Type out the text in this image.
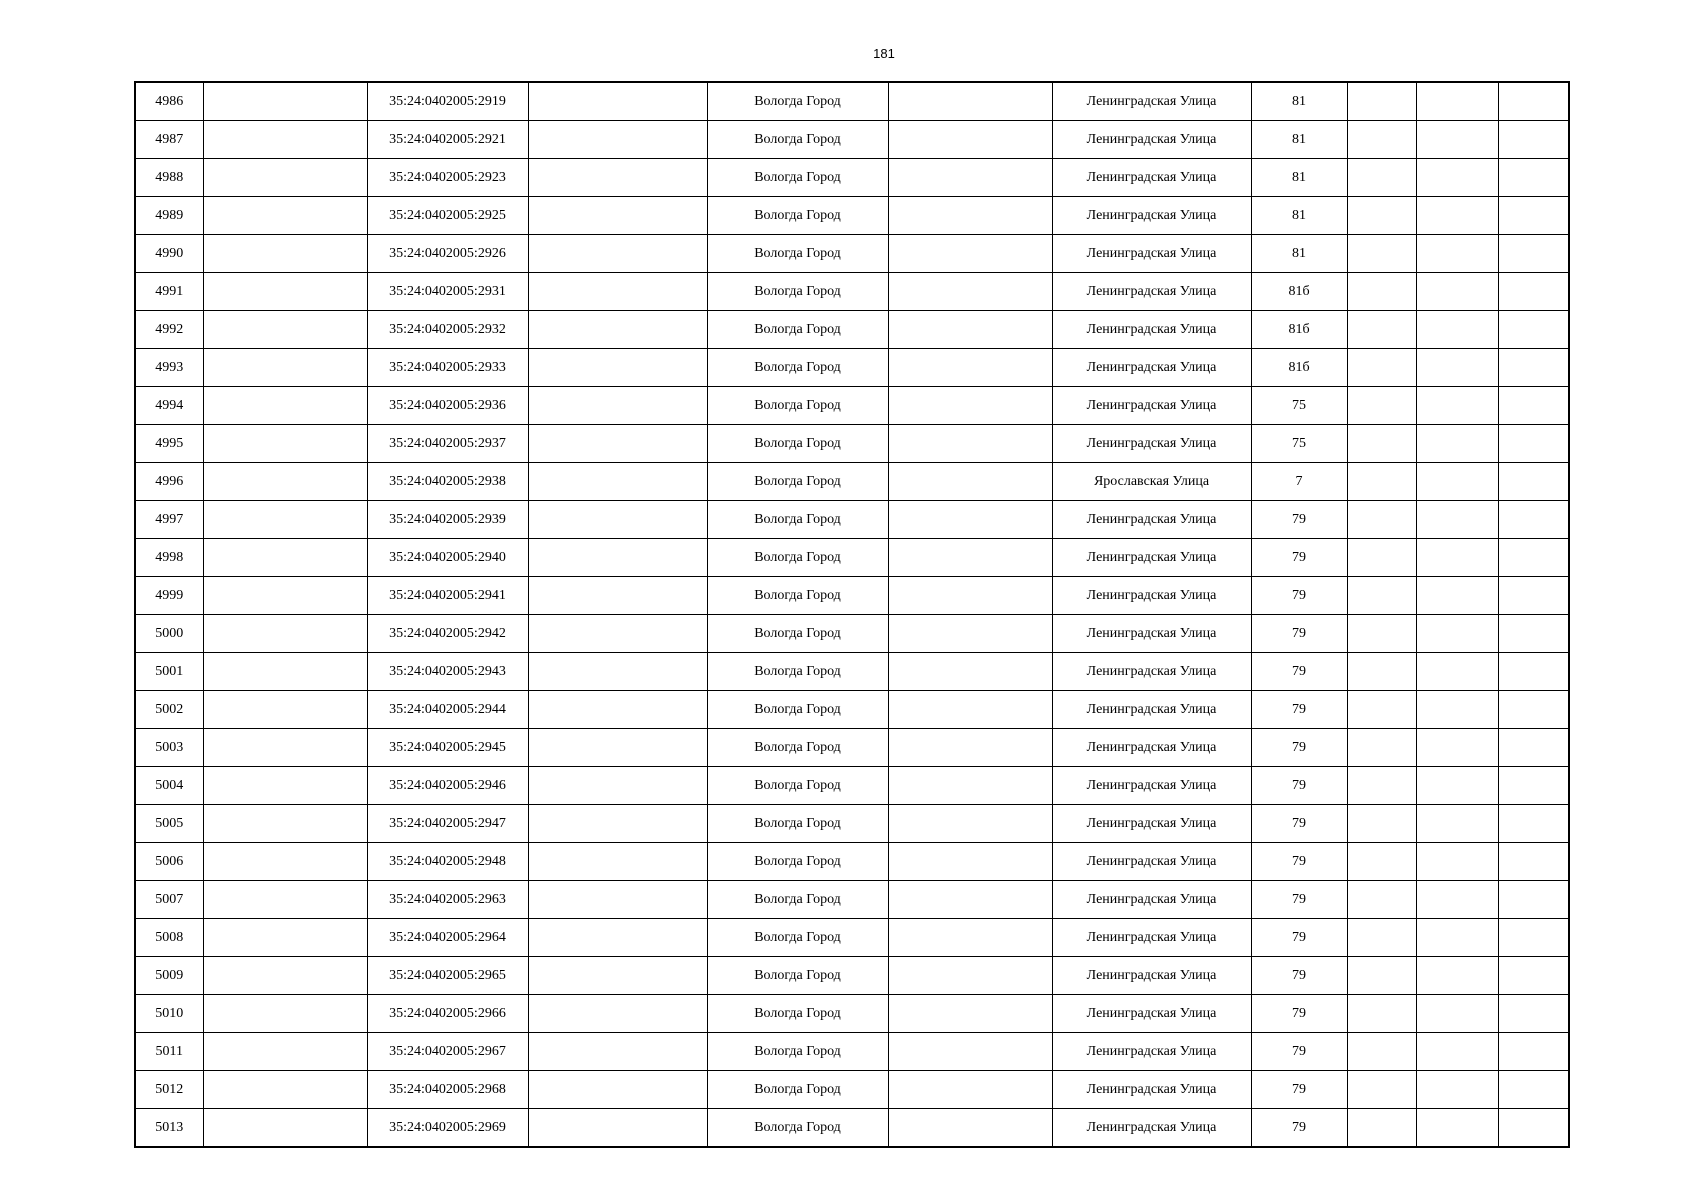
181
4986		35:24:0402005:2919		Вологда Город		Ленинградская Улица	81			
4987		35:24:0402005:2921		Вологда Город		Ленинградская Улица	81			
4988		35:24:0402005:2923		Вологда Город		Ленинградская Улица	81			
4989		35:24:0402005:2925		Вологда Город		Ленинградская Улица	81			
4990		35:24:0402005:2926		Вологда Город		Ленинградская Улица	81			
4991		35:24:0402005:2931		Вологда Город		Ленинградская Улица	81б			
4992		35:24:0402005:2932		Вологда Город		Ленинградская Улица	81б			
4993		35:24:0402005:2933		Вологда Город		Ленинградская Улица	81б			
4994		35:24:0402005:2936		Вологда Город		Ленинградская Улица	75			
4995		35:24:0402005:2937		Вологда Город		Ленинградская Улица	75			
4996		35:24:0402005:2938		Вологда Город		Ярославская Улица	7			
4997		35:24:0402005:2939		Вологда Город		Ленинградская Улица	79			
4998		35:24:0402005:2940		Вологда Город		Ленинградская Улица	79			
4999		35:24:0402005:2941		Вологда Город		Ленинградская Улица	79			
5000		35:24:0402005:2942		Вологда Город		Ленинградская Улица	79			
5001		35:24:0402005:2943		Вологда Город		Ленинградская Улица	79			
5002		35:24:0402005:2944		Вологда Город		Ленинградская Улица	79			
5003		35:24:0402005:2945		Вологда Город		Ленинградская Улица	79			
5004		35:24:0402005:2946		Вологда Город		Ленинградская Улица	79			
5005		35:24:0402005:2947		Вологда Город		Ленинградская Улица	79			
5006		35:24:0402005:2948		Вологда Город		Ленинградская Улица	79			
5007		35:24:0402005:2963		Вологда Город		Ленинградская Улица	79			
5008		35:24:0402005:2964		Вологда Город		Ленинградская Улица	79			
5009		35:24:0402005:2965		Вологда Город		Ленинградская Улица	79			
5010		35:24:0402005:2966		Вологда Город		Ленинградская Улица	79			
5011		35:24:0402005:2967		Вологда Город		Ленинградская Улица	79			
5012		35:24:0402005:2968		Вологда Город		Ленинградская Улица	79			
5013		35:24:0402005:2969		Вологда Город		Ленинградская Улица	79			
